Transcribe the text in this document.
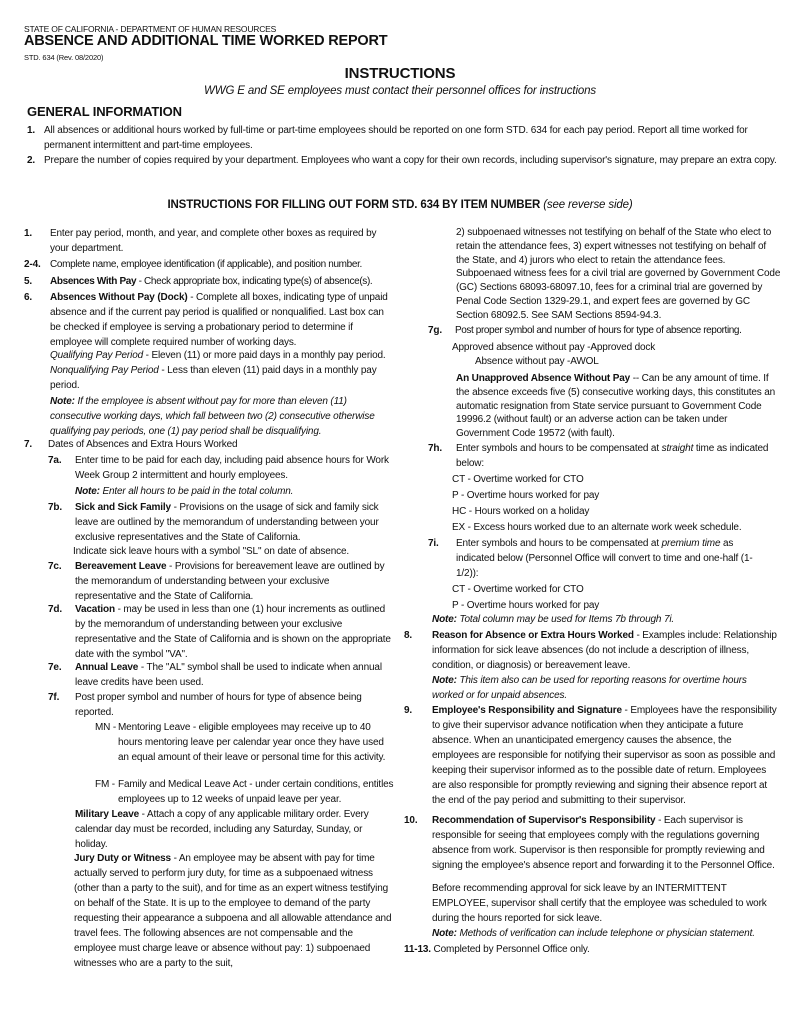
STATE OF CALIFORNIA - DEPARTMENT OF HUMAN RESOURCES
ABSENCE AND ADDITIONAL TIME WORKED REPORT
STD. 634 (Rev. 08/2020)
INSTRUCTIONS
WWG E and SE employees must contact their personnel offices for instructions
GENERAL INFORMATION
1. All absences or additional hours worked by full-time or part-time employees should be reported on one form STD. 634 for each pay period. Report all time worked for permanent intermittent and part-time employees.
2. Prepare the number of copies required by your department. Employees who want a copy for their own records, including supervisor's signature, may prepare an extra copy.
INSTRUCTIONS FOR FILLING OUT FORM STD. 634 BY ITEM NUMBER (see reverse side)
1. Enter pay period, month, and year, and complete other boxes as required by your department.
2-4. Complete name, employee identification (if applicable), and position number.
5. Absences With Pay - Check appropriate box, indicating type(s) of absence(s).
6. Absences Without Pay (Dock) - Complete all boxes, indicating type of unpaid absence and if the current pay period is qualified or nonqualified. Last box can be checked if employee is serving a probationary period to determine if employee will complete required number of working days.
Qualifying Pay Period - Eleven (11) or more paid days in a monthly pay period.
Nonqualifying Pay Period - Less than eleven (11) paid days in a monthly pay period.
Note: If the employee is absent without pay for more than eleven (11) consecutive working days, which fall between two (2) consecutive otherwise qualifying pay periods, one (1) pay period shall be disqualifying.
7. Dates of Absences and Extra Hours Worked
7a. Enter time to be paid for each day, including paid absence hours for Work Week Group 2 intermittent and hourly employees.
Note: Enter all hours to be paid in the total column.
7b. Sick and Sick Family - Provisions on the usage of sick and family sick leave are outlined by the memorandum of understanding between your exclusive representatives and the State of California.
Indicate sick leave hours with a symbol "SL" on date of absence.
7c. Bereavement Leave - Provisions for bereavement leave are outlined by the memorandum of understanding between your exclusive representative and the State of California.
7d. Vacation - may be used in less than one (1) hour increments as outlined by the memorandum of understanding between your exclusive representative and the State of California and is shown on the appropriate date with the symbol "VA".
7e. Annual Leave - The "AL" symbol shall be used to indicate when annual leave credits have been used.
7f. Post proper symbol and number of hours for type of absence being reported.
MN - Mentoring Leave - eligible employees may receive up to 40 hours mentoring leave per calendar year once they have used an equal amount of their leave or personal time for this activity.
FM - Family and Medical Leave Act - under certain conditions, entitles employees up to 12 weeks of unpaid leave per year.
Military Leave - Attach a copy of any applicable military order. Every calendar day must be recorded, including any Saturday, Sunday, or holiday.
Jury Duty or Witness - An employee may be absent with pay for time actually served to perform jury duty, for time as a subpoenaed witness (other than a party to the suit), and for time as an expert witness testifying on behalf of the State. It is up to the employee to demand of the party requesting their appearance a subpoena and all allowable attendance and travel fees. The following absences are not compensable and the employee must charge leave or absence without pay: 1) subpoenaed witnesses who are a party to the suit,
2) subpoenaed witnesses not testifying on behalf of the State who elect to retain the attendance fees, 3) expert witnesses not testifying on behalf of the State, and 4) jurors who elect to retain the attendance fees. Subpoenaed witness fees for a civil trial are governed by Government Code (GC) Sections 68093-68097.10, fees for a criminal trial are governed by Penal Code Section 1329-29.1, and expert fees are governed by GC Section 68092.5. See SAM Sections 8594-94.3.
7g. Post proper symbol and number of hours for type of absence reporting.
Approved absence without pay -Approved dock
Absence without pay -AWOL
An Unapproved Absence Without Pay -- Can be any amount of time. If the absence exceeds five (5) consecutive working days, this constitutes an automatic resignation from State service pursuant to Government Code 19996.2 (without fault) or an adverse action can be taken under Government Code 19572 (with fault).
7h. Enter symbols and hours to be compensated at straight time as indicated below:
CT - Overtime worked for CTO
P - Overtime hours worked for pay
HC - Hours worked on a holiday
EX - Excess hours worked due to an alternate work week schedule.
7i. Enter symbols and hours to be compensated at premium time as indicated below (Personnel Office will convert to time and one-half (1-1/2)):
CT - Overtime worked for CTO
P - Overtime hours worked for pay
Note: Total column may be used for Items 7b through 7i.
8. Reason for Absence or Extra Hours Worked - Examples include: Relationship information for sick leave absences (do not include a description of illness, condition, or diagnosis) or bereavement leave.
Note: This item also can be used for reporting reasons for overtime hours worked or for unpaid absences.
9. Employee's Responsibility and Signature - Employees have the responsibility to give their supervisor advance notification when they anticipate a future absence. When an unanticipated emergency causes the absence, the employees are responsible for notifying their supervisor as soon as possible and keeping their supervisor informed as to the possible date of return. Employees are also responsible for promptly reviewing and signing their absence report at the end of the pay period and submitting to their supervisor.
10. Recommendation of Supervisor's Responsibility - Each supervisor is responsible for seeing that employees comply with the regulations governing absence from work. Supervisor is then responsible for promptly reviewing and signing the employee's absence report and forwarding it to the Personnel Office.
Before recommending approval for sick leave by an INTERMITTENT EMPLOYEE, supervisor shall certify that the employee was scheduled to work during the hours reported for sick leave.
Note: Methods of verification can include telephone or physician statement.
11-13. Completed by Personnel Office only.
